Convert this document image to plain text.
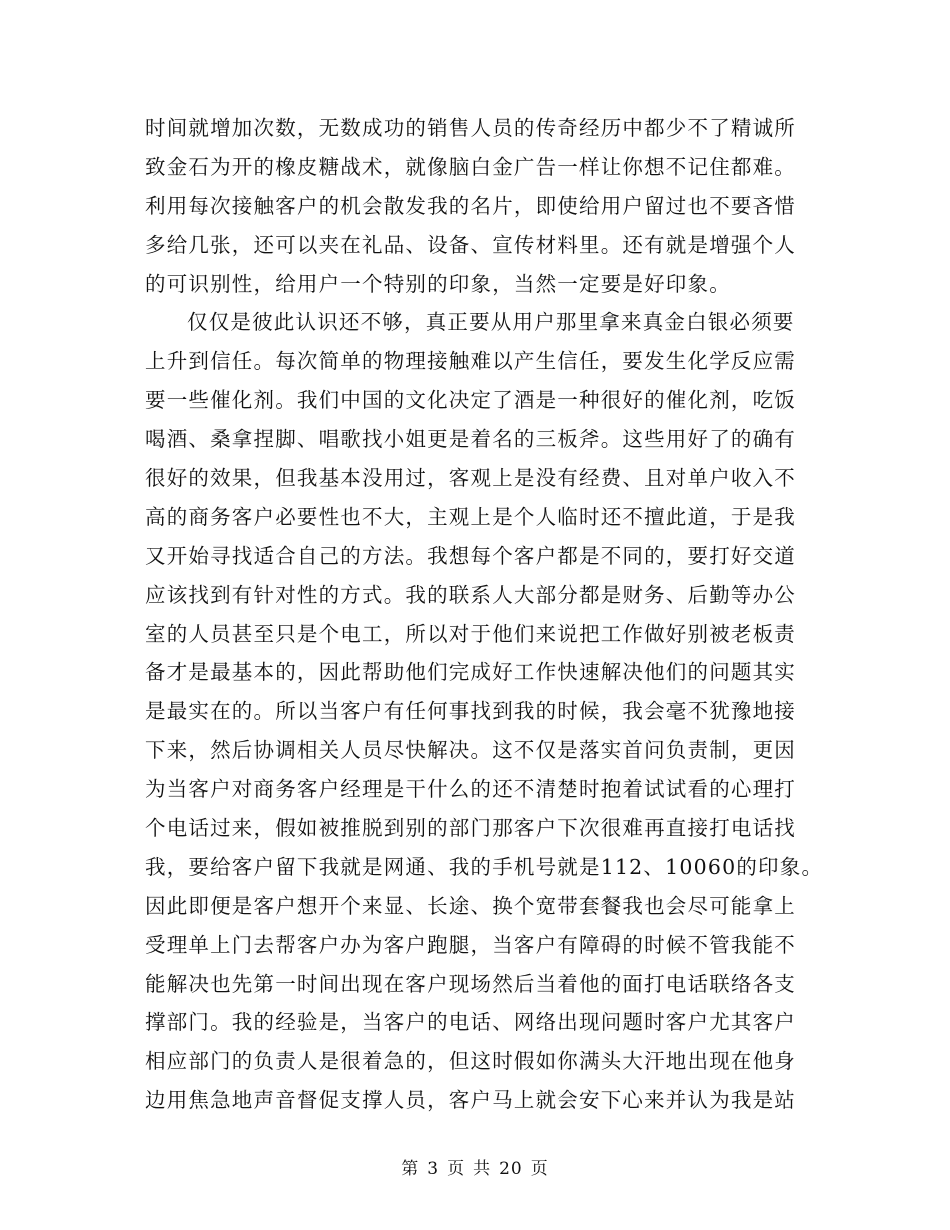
时间就增加次数，无数成功的销售人员的传奇经历中都少不了精诚所
致金石为开的橡皮糖战术，就像脑白金广告一样让你想不记住都难。
利用每次接触客户的机会散发我的名片，即使给用户留过也不要吝惜
多给几张，还可以夹在礼品、设备、宣传材料里。还有就是增强个人
的可识别性，给用户一个特别的印象，当然一定要是好印象。
仅仅是彼此认识还不够，真正要从用户那里拿来真金白银必须要
上升到信任。每次简单的物理接触难以产生信任，要发生化学反应需
要一些催化剂。我们中国的文化决定了酒是一种很好的催化剂，吃饭
喝酒、桑拿捏脚、唱歌找小姐更是着名的三板斧。这些用好了的确有
很好的效果，但我基本没用过，客观上是没有经费、且对单户收入不
高的商务客户必要性也不大，主观上是个人临时还不擅此道，于是我
又开始寻找适合自己的方法。我想每个客户都是不同的，要打好交道
应该找到有针对性的方式。我的联系人大部分都是财务、后勤等办公
室的人员甚至只是个电工，所以对于他们来说把工作做好别被老板责
备才是最基本的，因此帮助他们完成好工作快速解决他们的问题其实
是最实在的。所以当客户有任何事找到我的时候，我会毫不犹豫地接
下来，然后协调相关人员尽快解决。这不仅是落实首问负责制，更因
为当客户对商务客户经理是干什么的还不清楚时抱着试试看的心理打
个电话过来，假如被推脱到别的部门那客户下次很难再直接打电话找
我，要给客户留下我就是网通、我的手机号就是112、10060的印象。
因此即便是客户想开个来显、长途、换个宽带套餐我也会尽可能拿上
受理单上门去帮客户办为客户跑腿，当客户有障碍的时候不管我能不
能解决也先第一时间出现在客户现场然后当着他的面打电话联络各支
撑部门。我的经验是，当客户的电话、网络出现问题时客户尤其客户
相应部门的负责人是很着急的，但这时假如你满头大汗地出现在他身
边用焦急地声音督促支撑人员，客户马上就会安下心来并认为我是站
第 3 页 共 20 页
